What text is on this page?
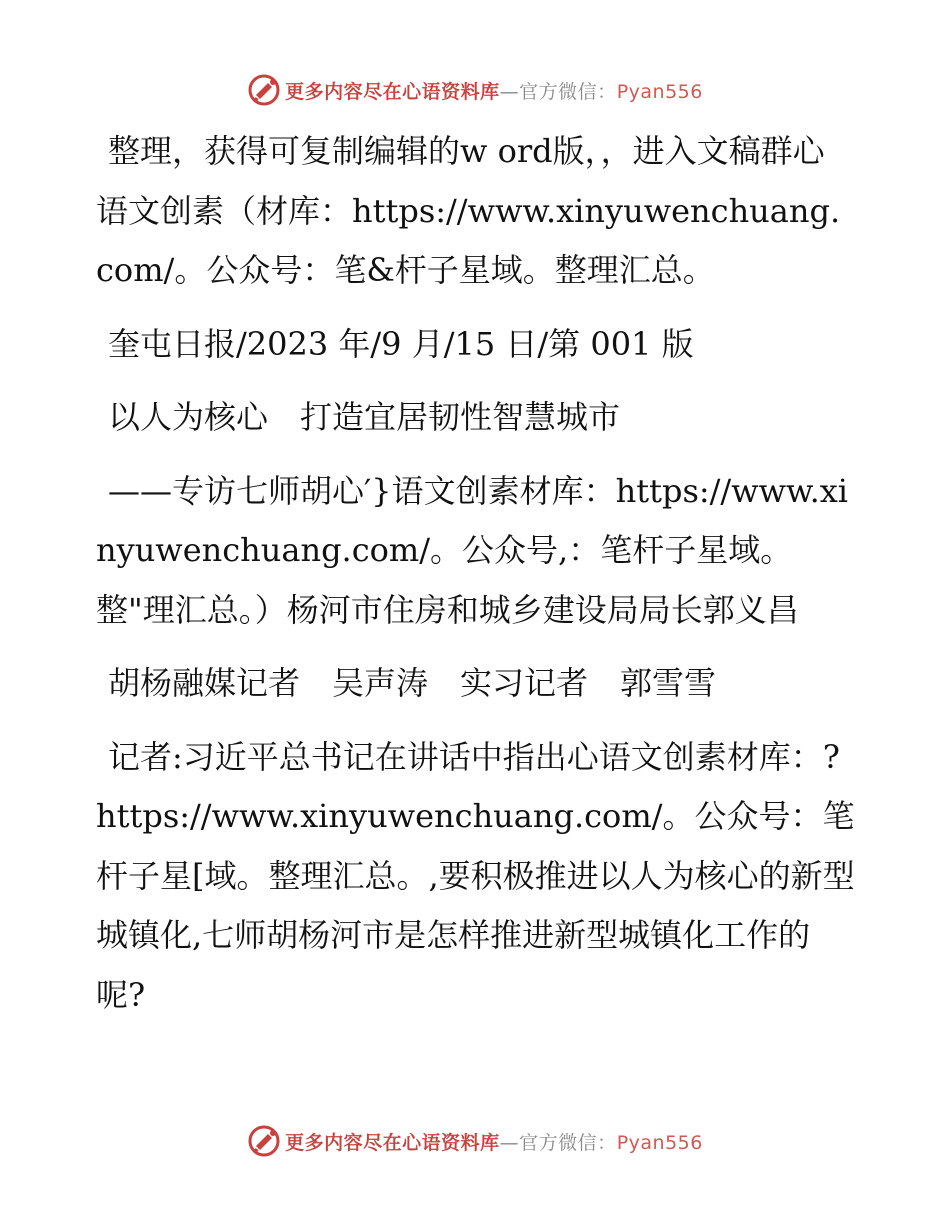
更多内容尽在心语资料库—官方微信：Pyan556

整理，获得可复制编辑的w ord版，，进入文稿群心语文创素（材库：https://www.xinyuwenchuang.com/。公众号：笔&杆子星域。整理汇总。

奎屯日报/2023 年/9 月/15 日/第 001 版

以人为核心　打造宜居韧性智慧城市

——专访七师胡心′}语文创素材库：https://www.xinyuwenchuang.com/。公众号,：笔杆子星域。整"理汇总。）杨河市住房和城乡建设局局长郭义昌

胡杨融媒记者　吴声涛　实习记者　郭雪雪

记者:习近平总书记在讲话中指出心语文创素材库：?https://www.xinyuwenchuang.com/。公众号：笔杆子星[域。整理汇总。,要积极推进以人为核心的新型城镇化,七师胡杨河市是怎样推进新型城镇化工作的呢?

更多内容尽在心语资料库—官方微信：Pyan556
